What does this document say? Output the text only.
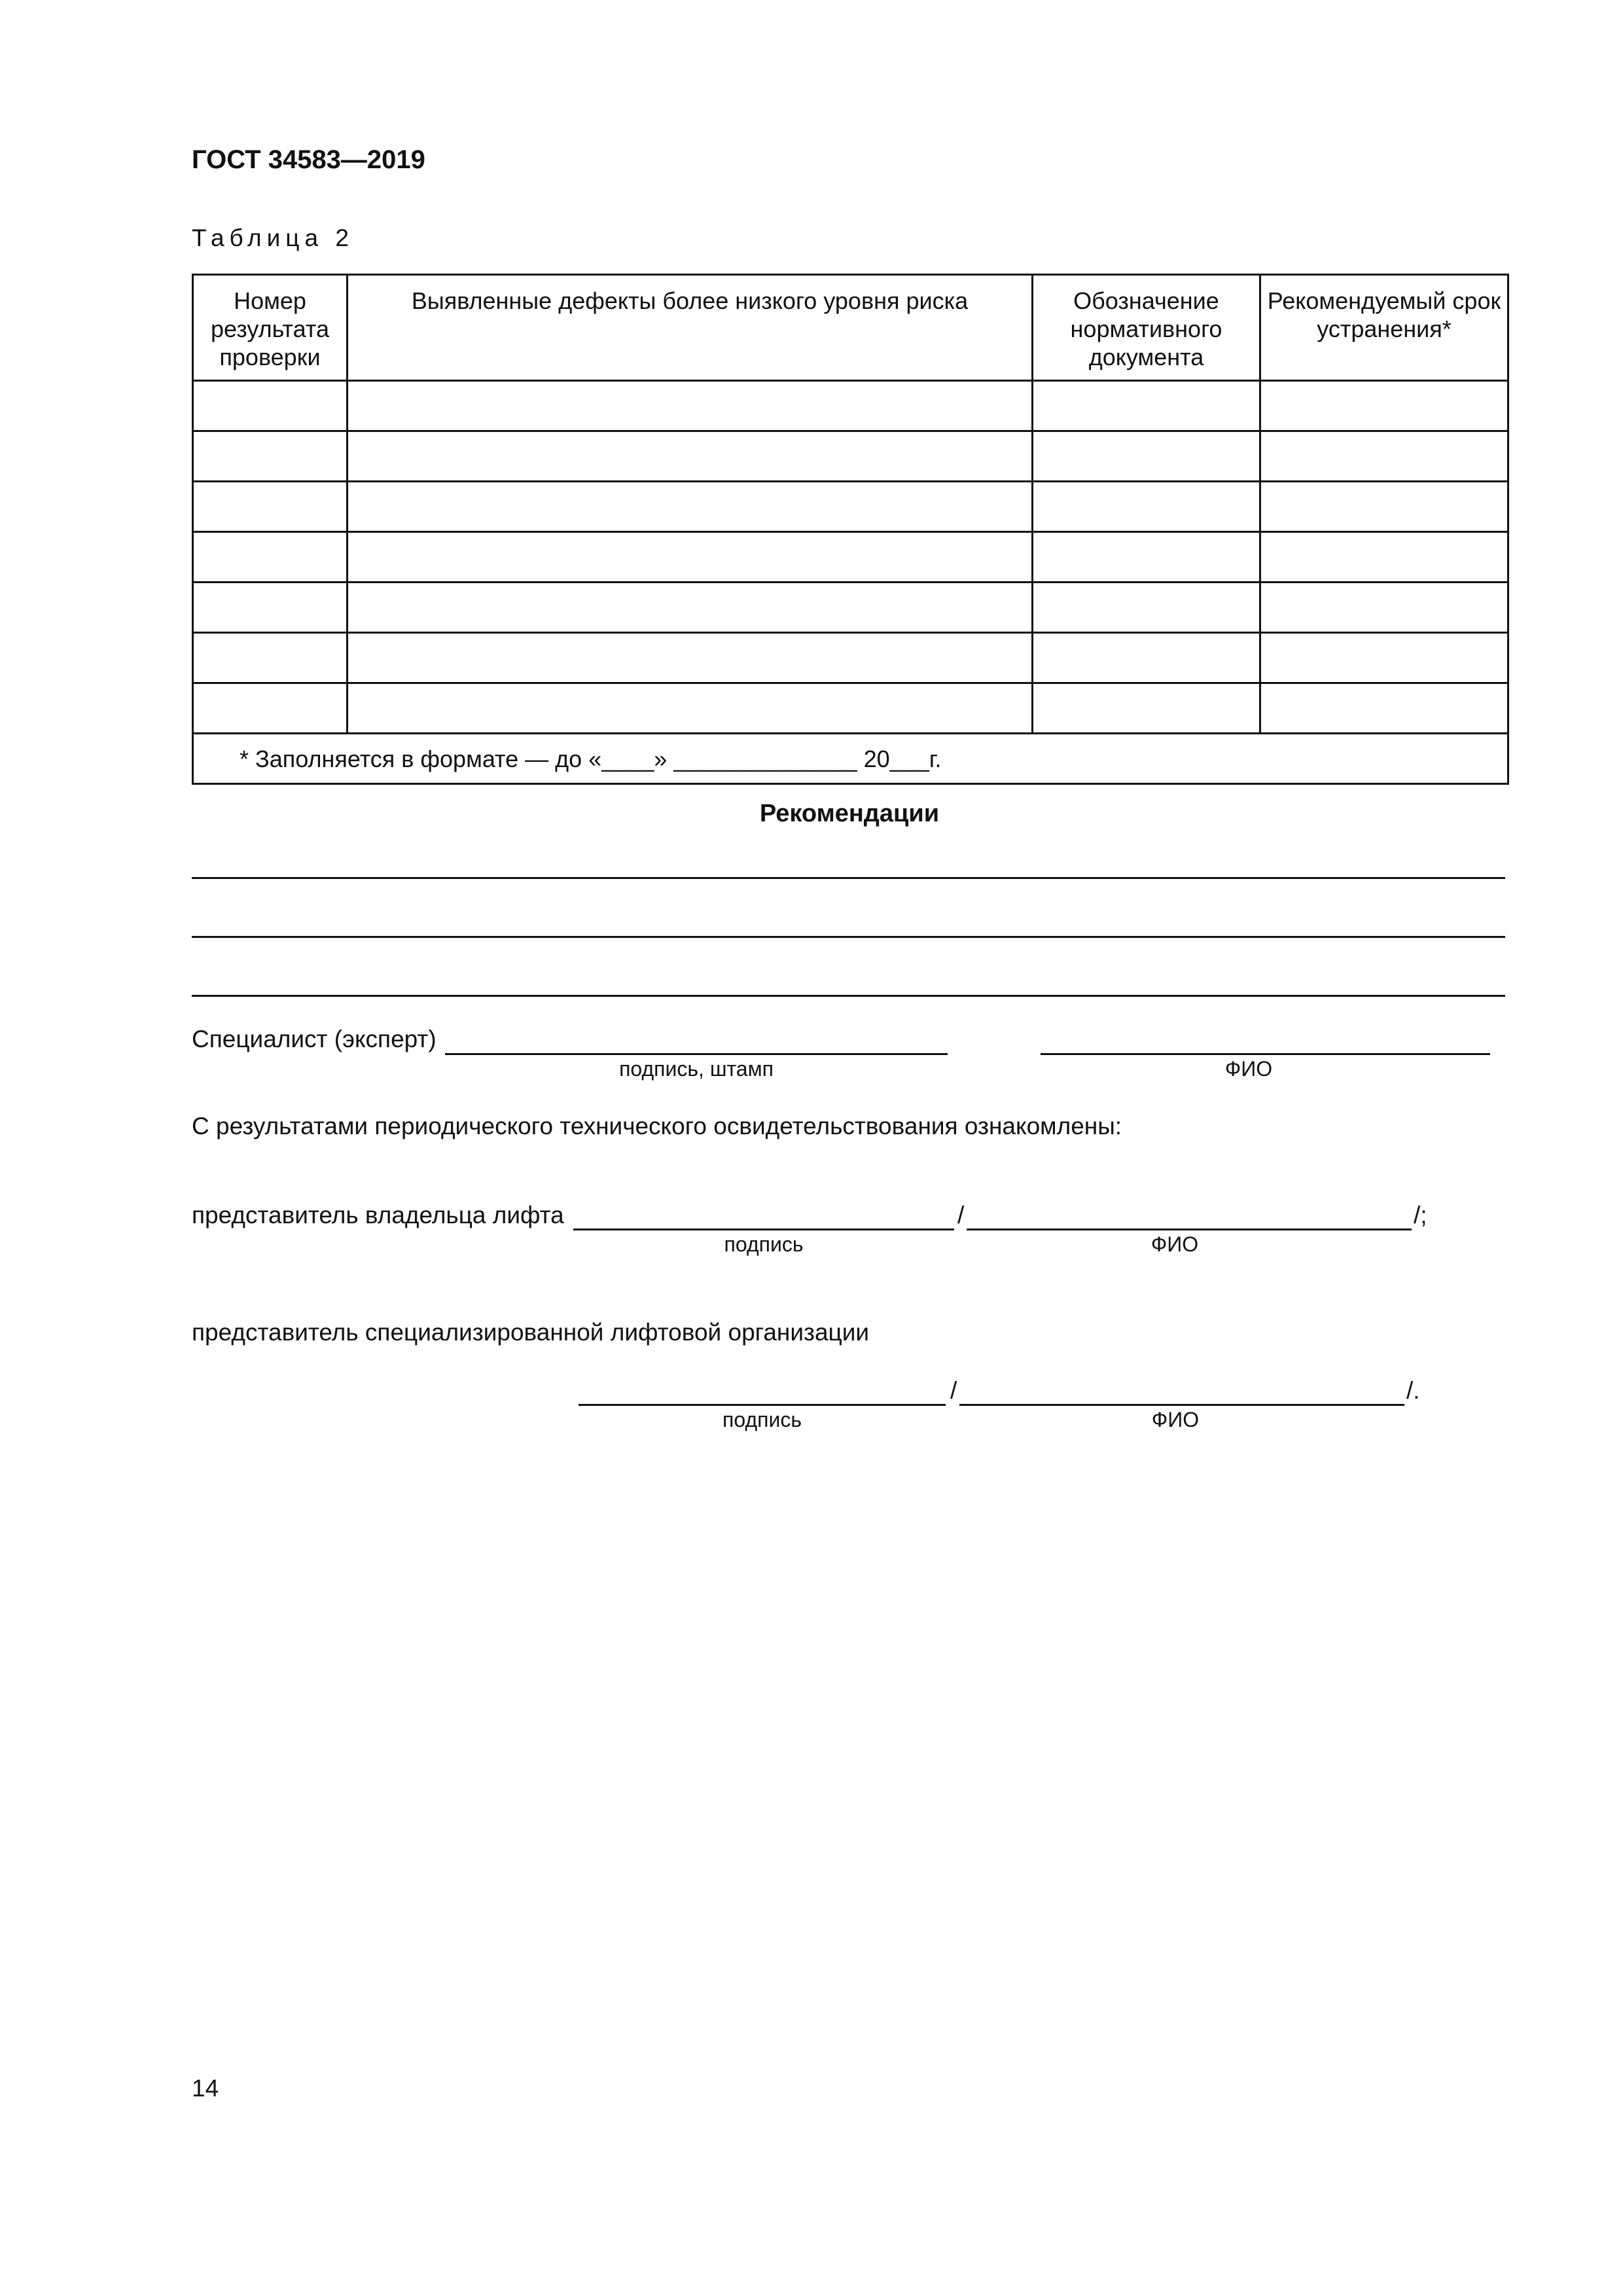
ГОСТ 34583—2019
Таблица 2
Номер результата проверки	Выявленные дефекты более низкого уровня риска	Обозначение нормативного документа	Рекомендуемый срок устранения*

* Заполняется в формате — до «____» ______________ 20___г.			
Рекомендации
Специалист (эксперт)
подпись, штамп	ФИО
С результатами периодического технического освидетельствования ознакомлены:
представитель владельца лифта	/	/;
подпись	ФИО
представитель специализированной лифтовой организации
/	/.
подпись	ФИО
14
